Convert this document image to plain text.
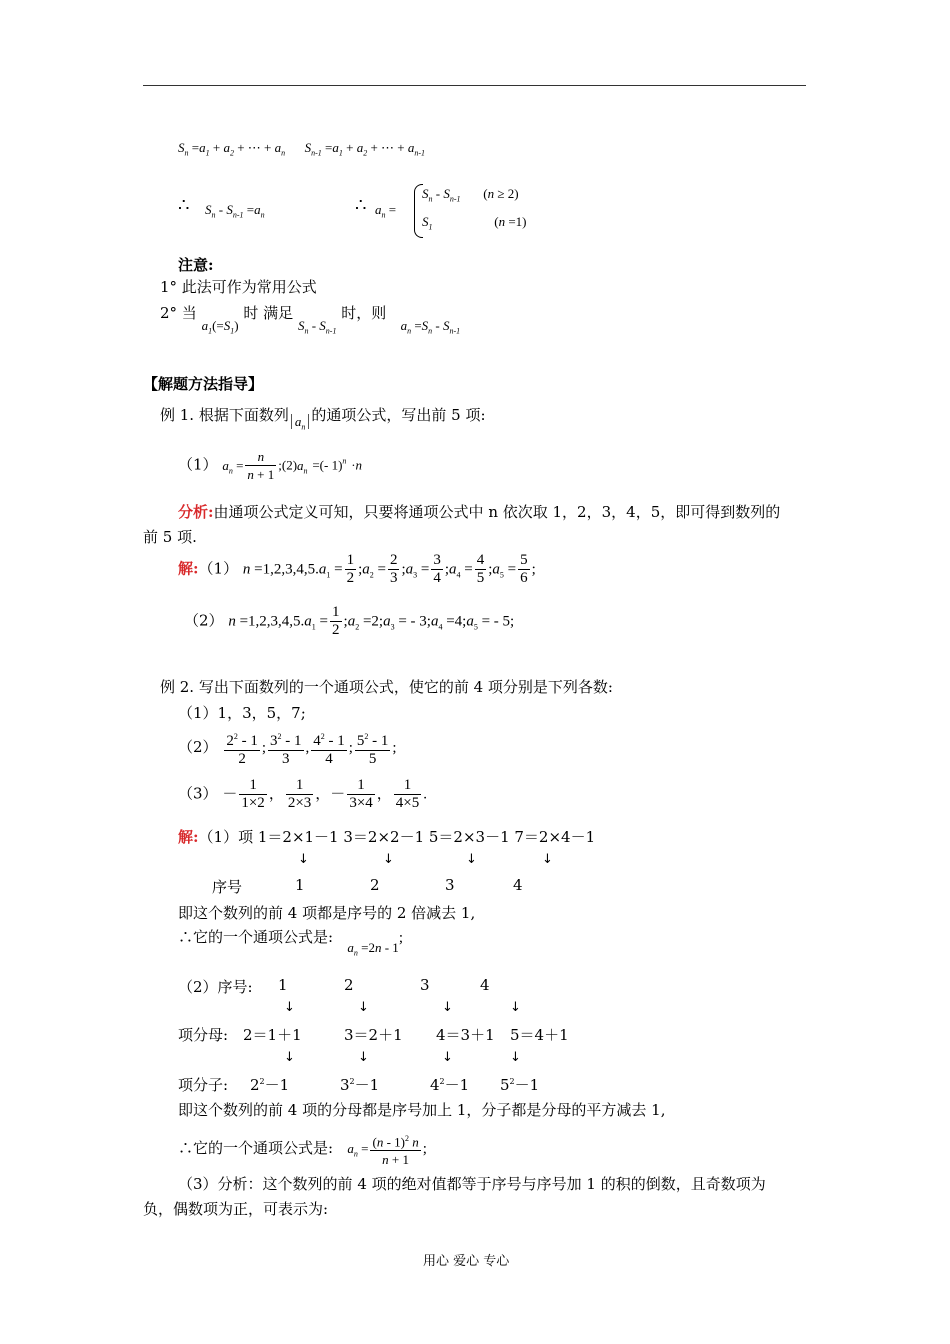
$S_n =a_1 + a_2$ + ⋯ + $a_n$      $S_{n-1} =a_1 + a_2$ + ⋯ + $a_{n-1}$
∴ $S_n - S_{n-1} =a_n$	∴ $a_n$ =
$S_n - S_{n-1}$ (n ≥ 2)
$S_1$	(n =1)
注意:
1° 此法可作为常用公式
2° 当 $a_1(=S_1)$ 时 满足 $S_n - S_{n-1}$ 时，则   $a_n =S_n - S_{n-1}$
【解题方法指导】
例 1. 根据下面数列 $a_n$的通项公式，写出前 5 项:
（1） $a_n = \frac{n}{n + 1}$ $;(2)a_n$ =(- 1)$^n$ ·n
分析:由通项公式定义可知，只要将通项公式中 n 依次取 1，2，3，4，5，即可得到数列的
前 5 项.
解:（1） $n =1,2,3,4,5.a_1 = \frac{1}{2}$ $;a_2 = \frac{2}{3}$ $;a_3 = \frac{3}{4}$ $;a_4 = \frac{4}{5}$ $;a_5 = \frac{5}{6}$ ;
（2） $n =1,2,3,4,5.a_1 = \frac{1}{2}$ $;a_2$ $=2;a_3$ = - $3;a_4$ $=4;a_5$ = - 5;
例 2. 写出下面数列的一个通项公式，使它的前 4 项分别是下列各数:
（1）1，3，5，7;
$(2) \frac{2^2 - 1}{2}$ ; $\frac{3^2 - 1}{3}$ , $\frac{4^2 - 1}{4}$ ; $\frac{5^2 - 1}{5}$ ;
$(3) - \frac{1}{1\times 2}$ ， $\frac{1}{2\times 3}$ ，－ $\frac{1}{3\times 4}$ ， $\frac{1}{4\times 5}$ .
解:（1）项 1＝2×1－1 3＝2×2－1 5＝2×3－1 7＝2×4－1
↓	↓	↓	↓
序号	1	2	3	4
即这个数列的前 4 项都是序号的 2 倍减去 1,
∴它的一个通项公式是:   $a_n =2n - 1$;
（2）序号: 1	2	3	4
↓	↓	↓	↓
项分母: 2＝1＋1	3＝2＋1 4＝3＋1 5＝4＋1
↓	↓	↓	↓
项分子: $2^2-1$	$3^2-1$	$4^2-1$ $5^2-1$
即这个数列的前 4 项的分母都是序号加上 1，分子都是分母的平方减去 1,
∴它的一个通项公式是: $a_n = \frac{(n - 1)^2 n}{n + 1}$ ;
（3）分析：这个数列的前 4 项的绝对值都等于序号与序号加 1 的积的倒数，且奇数项为
负，偶数项为正，可表示为:
用心 爱心 专心
